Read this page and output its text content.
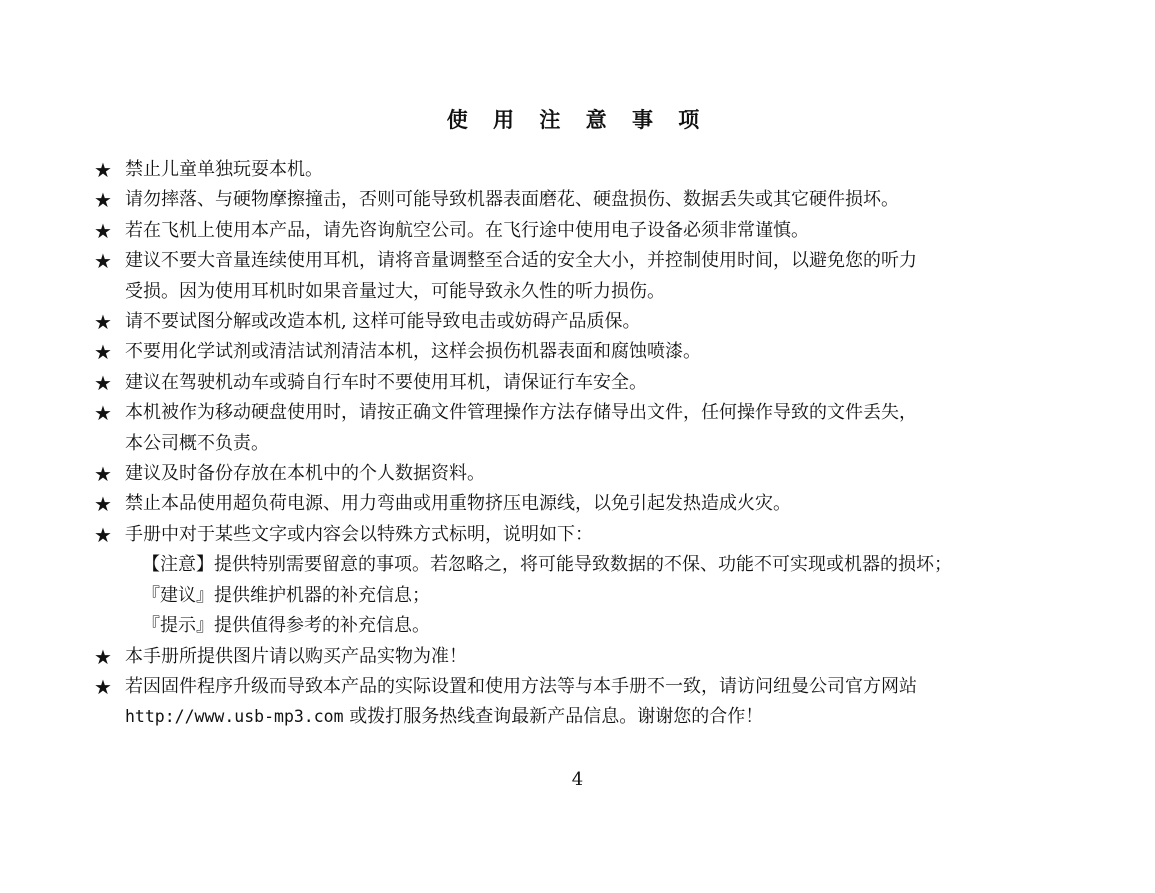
使 用 注 意 事 项
★ 禁止儿童单独玩耍本机。
★ 请勿摔落、与硬物摩擦撞击，否则可能导致机器表面磨花、硬盘损伤、数据丢失或其它硬件损坏。
★ 若在飞机上使用本产品，请先咨询航空公司。在飞行途中使用电子设备必须非常谨慎。
★ 建议不要大音量连续使用耳机，请将音量调整至合适的安全大小，并控制使用时间，以避免您的听力
受损。因为使用耳机时如果音量过大，可能导致永久性的听力损伤。
★ 请不要试图分解或改造本机, 这样可能导致电击或妨碍产品质保。
★ 不要用化学试剂或清洁试剂清洁本机，这样会损伤机器表面和腐蚀喷漆。
★ 建议在驾驶机动车或骑自行车时不要使用耳机，请保证行车安全。
★ 本机被作为移动硬盘使用时，请按正确文件管理操作方法存储导出文件，任何操作导致的文件丢失，
本公司概不负责。
★ 建议及时备份存放在本机中的个人数据资料。
★ 禁止本品使用超负荷电源、用力弯曲或用重物挤压电源线，以免引起发热造成火灾。
★ 手册中对于某些文字或内容会以特殊方式标明，说明如下：
【注意】提供特别需要留意的事项。若忽略之，将可能导致数据的不保、功能不可实现或机器的损坏；
『建议』提供维护机器的补充信息；
『提示』提供值得参考的补充信息。
★ 本手册所提供图片请以购买产品实物为准！
★ 若因固件程序升级而导致本产品的实际设置和使用方法等与本手册不一致，请访问纽曼公司官方网站
http://www.usb-mp3.com 或拨打服务热线查询最新产品信息。谢谢您的合作！
4
